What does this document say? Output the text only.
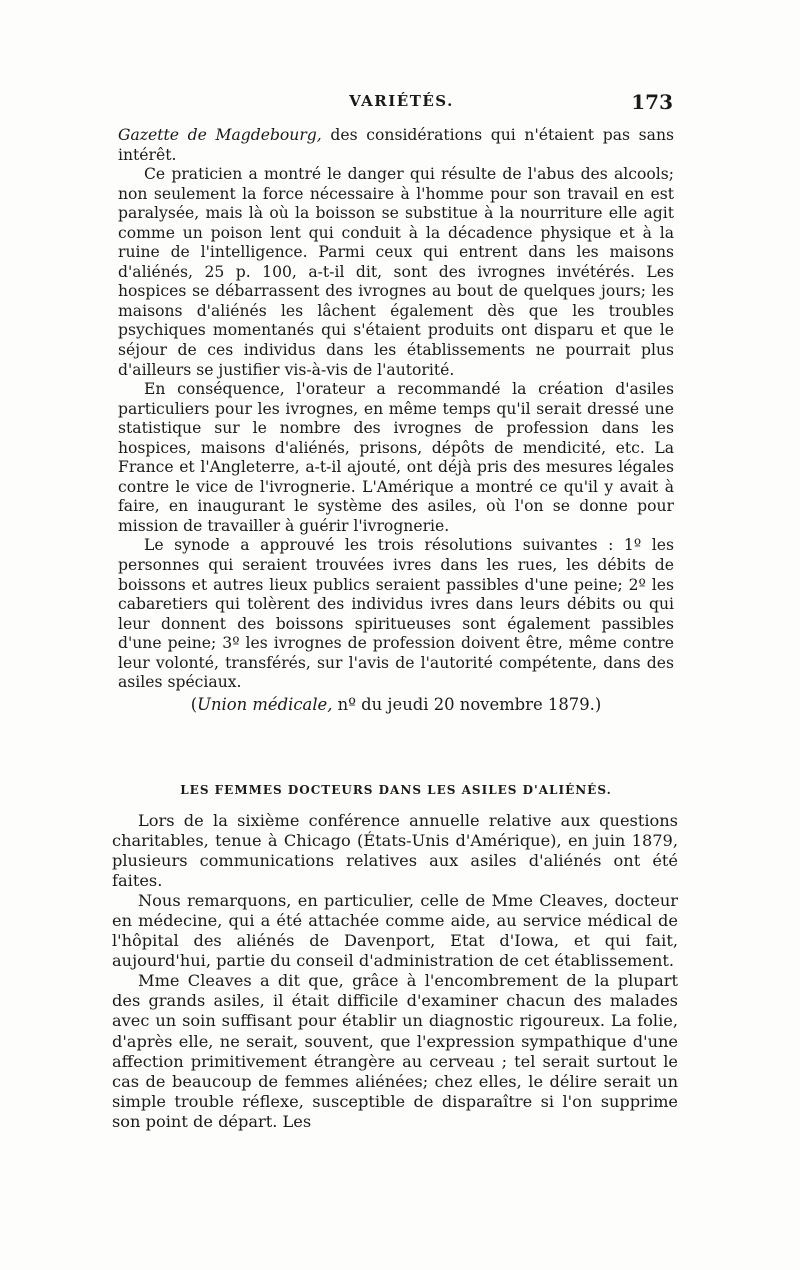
VARIÉTÉS.	173

Gazette de Magdebourg, des considérations qui n'étaient pas sans intérêt.

Ce praticien a montré le danger qui résulte de l'abus des alcools; non seulement la force nécessaire à l'homme pour son travail en est paralysée, mais là où la boisson se substitue à la nourriture elle agit comme un poison lent qui conduit à la décadence physique et à la ruine de l'intelligence. Parmi ceux qui entrent dans les maisons d'aliénés, 25 p. 100, a-t-il dit, sont des ivrognes invétérés. Les hospices se débarrassent des ivrognes au bout de quelques jours; les maisons d'aliénés les lâchent également dès que les troubles psychiques momentanés qui s'étaient produits ont disparu et que le séjour de ces individus dans les établissements ne pourrait plus d'ailleurs se justifier vis-à-vis de l'autorité.

En conséquence, l'orateur a recommandé la création d'asiles particuliers pour les ivrognes, en même temps qu'il serait dressé une statistique sur le nombre des ivrognes de profession dans les hospices, maisons d'aliénés, prisons, dépôts de mendicité, etc. La France et l'Angleterre, a-t-il ajouté, ont déjà pris des mesures légales contre le vice de l'ivrognerie. L'Amérique a montré ce qu'il y avait à faire, en inaugurant le système des asiles, où l'on se donne pour mission de travailler à guérir l'ivrognerie.

Le synode a approuvé les trois résolutions suivantes : 1º les personnes qui seraient trouvées ivres dans les rues, les débits de boissons et autres lieux publics seraient passibles d'une peine; 2º les cabaretiers qui tolèrent des individus ivres dans leurs débits ou qui leur donnent des boissons spiritueuses sont également passibles d'une peine; 3º les ivrognes de profession doivent être, même contre leur volonté, transférés, sur l'avis de l'autorité compétente, dans des asiles spéciaux.

(Union médicale, nº du jeudi 20 novembre 1879.)

LES FEMMES DOCTEURS DANS LES ASILES D'ALIÉNÉS.

Lors de la sixième conférence annuelle relative aux questions charitables, tenue à Chicago (États-Unis d'Amérique), en juin 1879, plusieurs communications relatives aux asiles d'aliénés ont été faites.

Nous remarquons, en particulier, celle de Mme Cleaves, docteur en médecine, qui a été attachée comme aide, au service médical de l'hôpital des aliénés de Davenport, Etat d'Iowa, et qui fait, aujourd'hui, partie du conseil d'administration de cet établissement.

Mme Cleaves a dit que, grâce à l'encombrement de la plupart des grands asiles, il était difficile d'examiner chacun des malades avec un soin suffisant pour établir un diagnostic rigoureux. La folie, d'après elle, ne serait, souvent, que l'expression sympathique d'une affection primitivement étrangère au cerveau ; tel serait surtout le cas de beaucoup de femmes aliénées; chez elles, le délire serait un simple trouble réflexe, susceptible de disparaître si l'on supprime son point de départ. Les
